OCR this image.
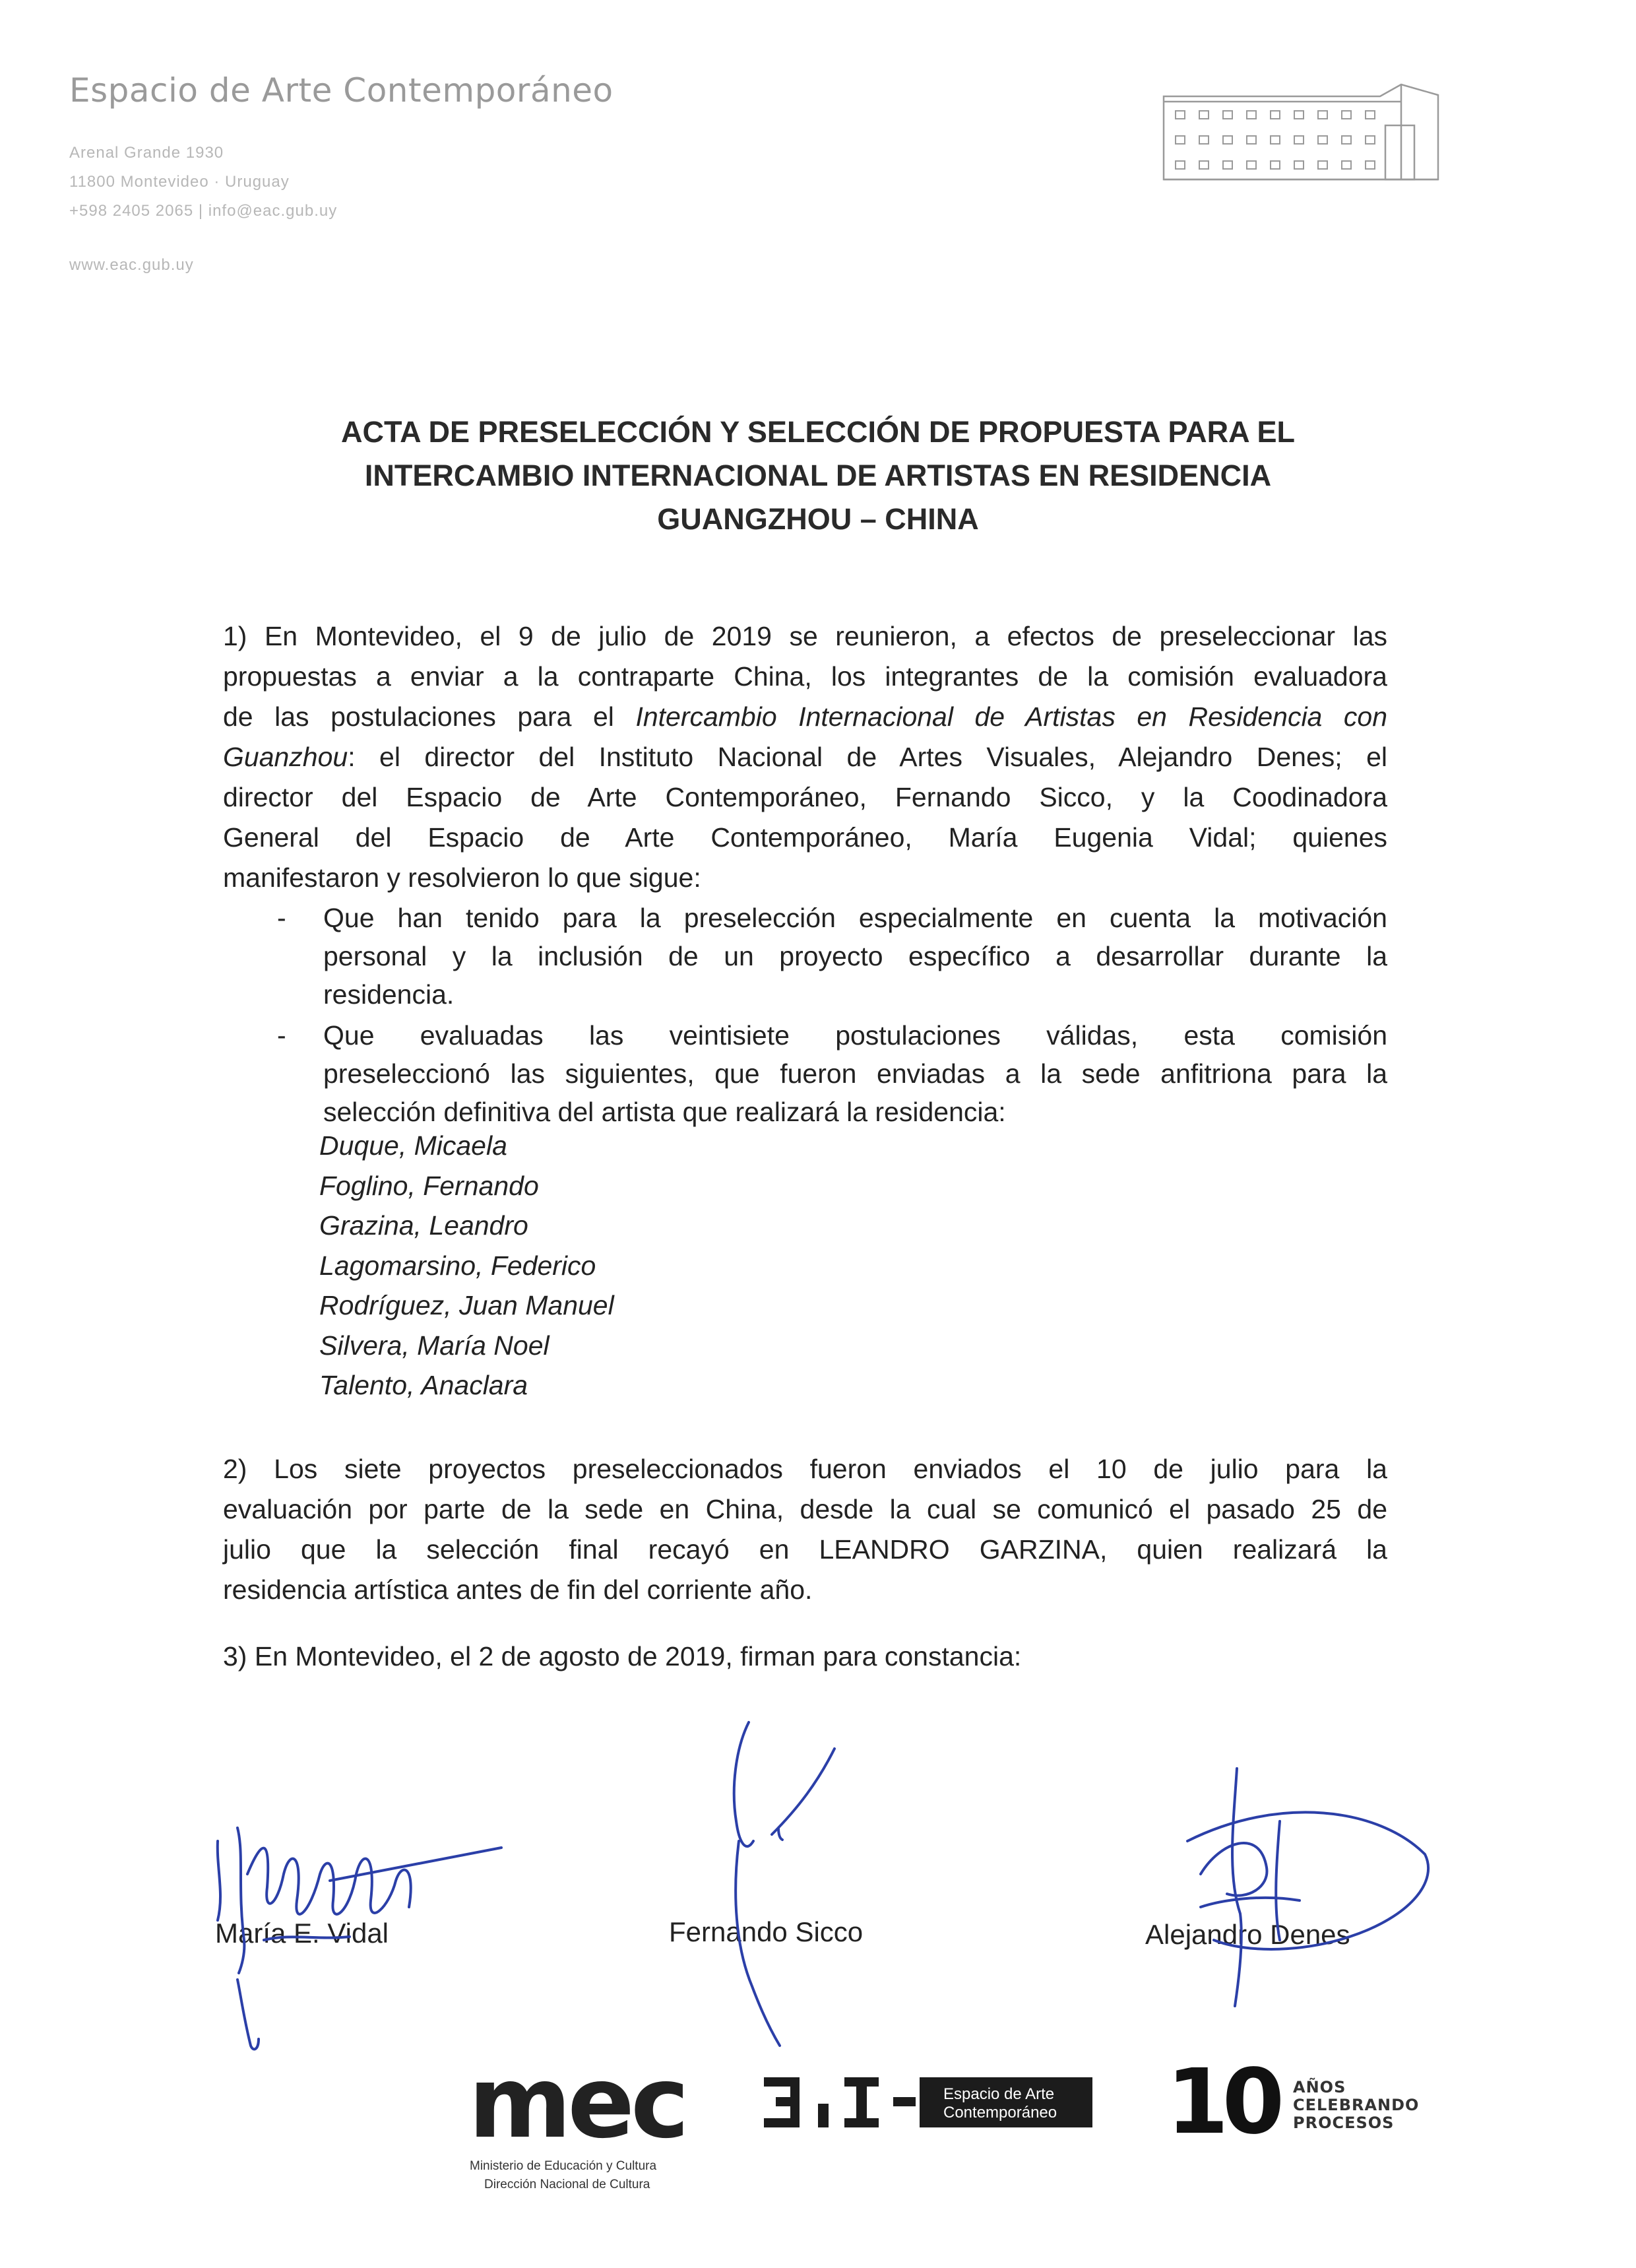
Espacio de Arte Contemporáneo
Arenal Grande 1930
11800 Montevideo · Uruguay
+598 2405 2065 | info@eac.gub.uy
www.eac.gub.uy
ACTA DE PRESELECCIÓN Y SELECCIÓN DE PROPUESTA PARA EL
INTERCAMBIO INTERNACIONAL DE ARTISTAS EN RESIDENCIA
GUANGZHOU – CHINA
1) En Montevideo, el 9 de julio de 2019 se reunieron, a efectos de preseleccionar las
propuestas a enviar a la contraparte China, los integrantes de la comisión evaluadora
de las postulaciones para el Intercambio Internacional de Artistas en Residencia con
Guanzhou: el director del Instituto Nacional de Artes Visuales, Alejandro Denes; el
director del Espacio de Arte Contemporáneo, Fernando Sicco, y la Coodinadora
General del Espacio de Arte Contemporáneo, María Eugenia Vidal; quienes
manifestaron y resolvieron lo que sigue:
- Que han tenido para la preselección especialmente en cuenta la motivación
personal y la inclusión de un proyecto específico a desarrollar durante la
residencia.
- Que evaluadas las veintisiete postulaciones válidas, esta comisión
preseleccionó las siguientes, que fueron enviadas a la sede anfitriona para la
selección definitiva del artista que realizará la residencia:
Duque, Micaela
Foglino, Fernando
Grazina, Leandro
Lagomarsino, Federico
Rodríguez, Juan Manuel
Silvera, María Noel
Talento, Anaclara
2) Los siete proyectos preseleccionados fueron enviados el 10 de julio para la
evaluación por parte de la sede en China, desde la cual se comunicó el pasado 25 de
julio que la selección final recayó en LEANDRO GARZINA, quien realizará la
residencia artística antes de fin del corriente año.
3) En Montevideo, el 2 de agosto de 2019, firman para constancia:
María E. Vidal	Fernando Sicco	Alejandro Denes
mec
Ministerio de Educación y Cultura
Dirección Nacional de Cultura
Espacio de Arte
Contemporáneo	10 AÑOS
CELEBRANDO
PROCESOS
